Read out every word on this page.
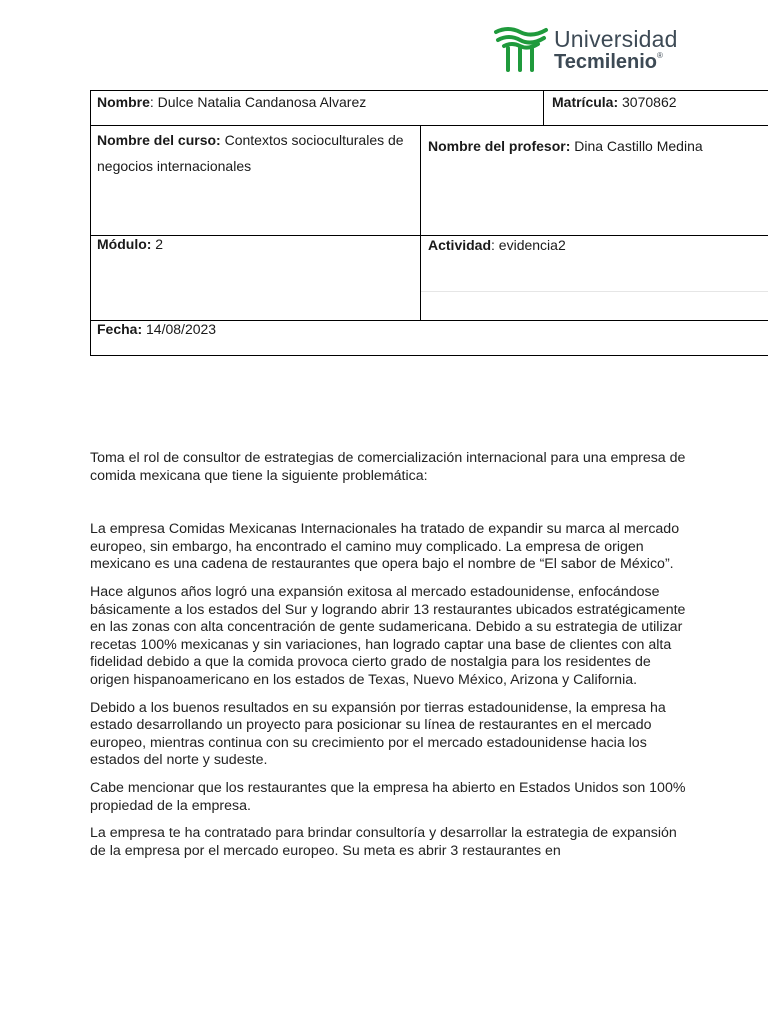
Universidad
Tecmilenio®
Nombre: Dulce Natalia Candanosa Alvarez	Matrícula: 3070862
Nombre del curso: Contextos socioculturales de negocios internacionales
Nombre del profesor: Dina Castillo Medina
Módulo: 2	Actividad: evidencia2
Fecha: 14/08/2023

Toma el rol de consultor de estrategias de comercialización internacional para una empresa de comida mexicana que tiene la siguiente problemática:

La empresa Comidas Mexicanas Internacionales ha tratado de expandir su marca al mercado europeo, sin embargo, ha encontrado el camino muy complicado. La empresa de origen mexicano es una cadena de restaurantes que opera bajo el nombre de “El sabor de México”.

Hace algunos años logró una expansión exitosa al mercado estadounidense, enfocándose básicamente a los estados del Sur y logrando abrir 13 restaurantes ubicados estratégicamente en las zonas con alta concentración de gente sudamericana. Debido a su estrategia de utilizar recetas 100% mexicanas y sin variaciones, han logrado captar una base de clientes con alta fidelidad debido a que la comida provoca cierto grado de nostalgia para los residentes de origen hispanoamericano en los estados de Texas, Nuevo México, Arizona y California.

Debido a los buenos resultados en su expansión por tierras estadounidense, la empresa ha estado desarrollando un proyecto para posicionar su línea de restaurantes en el mercado europeo, mientras continua con su crecimiento por el mercado estadounidense hacia los estados del norte y sudeste.

Cabe mencionar que los restaurantes que la empresa ha abierto en Estados Unidos son 100% propiedad de la empresa.

La empresa te ha contratado para brindar consultoría y desarrollar la estrategia de expansión de la empresa por el mercado europeo. Su meta es abrir 3 restaurantes en
